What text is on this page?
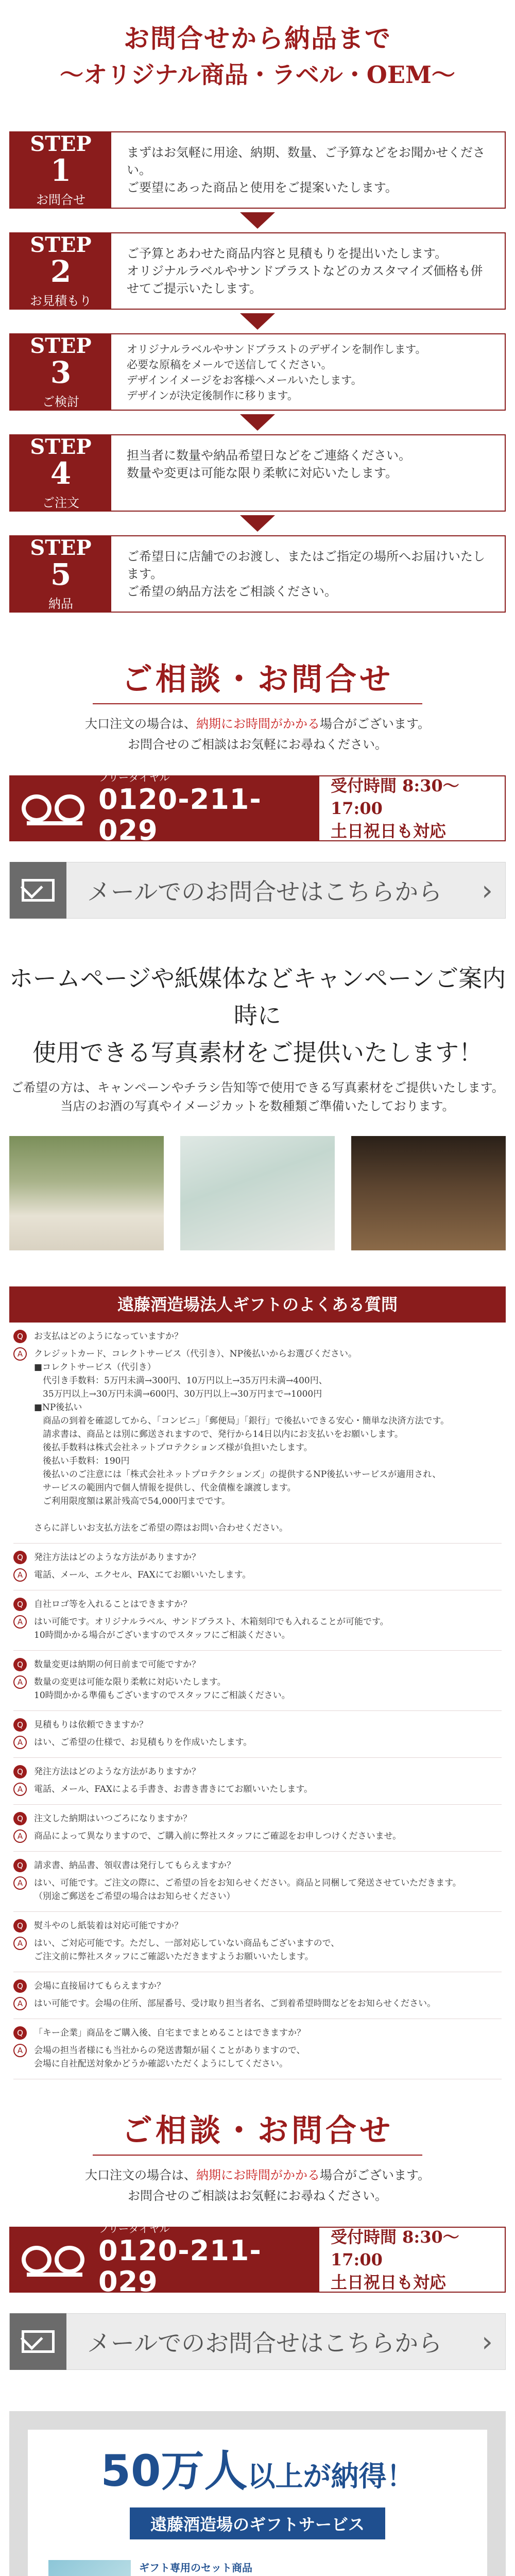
お問合せから納品まで
〜オリジナル商品・ラベル・OEM〜
STEP
1
お問合せ

まずはお気軽に用途、納期、数量、ご予算などをお聞かせください。

ご要望にあった商品と使用をご提案いたします。

STEP
2
お見積もり

ご予算とあわせた商品内容と見積もりを提出いたします。

オリジナルラベルやサンドブラストなどのカスタマイズ価格も併せてご提示いたします。

STEP
3
ご検討

オリジナルラベルやサンドブラストのデザインを制作します。

必要な原稿をメールで送信してください。

デザインイメージをお客様へメールいたします。

デザインが決定後制作に移ります。

STEP
4
ご注文

担当者に数量や納品希望日などをご連絡ください。

数量や変更は可能な限り柔軟に対応いたします。

STEP
5
納品

ご希望日に店舗でのお渡し、またはご指定の場所へお届けいたします。

ご希望の納品方法をご相談ください。

ご相談・お問合せ

大口注文の場合は、納期にお時間がかかる場合がございます。

お問合せのご相談はお気軽にお尋ねください。

フリーダイヤル
0120-211-029
受付時間 8:30〜17:00
土日祝日も対応
メールでのお問合せはこちらから	›
ホームページや紙媒体などキャンペーンご案内時に
使用できる写真素材をご提供いたします！

ご希望の方は、キャンペーンやチラシ告知等で使用できる写真素材をご提供いたします。

当店のお酒の写真やイメージカットを数種類ご準備いたしております。

遠藤酒造場法人ギフトのよくある質問
Q	お支払はどのようになっていますか？
A	クレジットカード、コレクトサービス（代引き）、NP後払いからお選びください。
■コレクトサービス（代引き）
　代引き手数料：5万円未満→300円、10万円以上→35万円未満→400円、
　35万円以上→30万円未満→600円、30万円以上→30万円まで→1000円
■NP後払い
　商品の到着を確認してから、「コンビニ」「郵便局」「銀行」で後払いできる安心・簡単な決済方法です。
　請求書は、商品とは別に郵送されますので、発行から14日以内にお支払いをお願いします。
　後払手数料は株式会社ネットプロテクションズ様が負担いたします。
　後払い手数料：190円
　後払いのご注意には「株式会社ネットプロテクションズ」の提供するNP後払いサービスが適用され、
　サービスの範囲内で個人情報を提供し、代金債権を譲渡します。
　ご利用限度額は累計残高で54,000円までです。
さらに詳しいお支払方法をご希望の際はお問い合わせください。
Q	発注方法はどのような方法がありますか？
A	電話、メール、エクセル、FAXにてお願いいたします。
Q	自社ロゴ等を入れることはできますか？
A	はい可能です。オリジナルラベル、サンドブラスト、木箱刻印でも入れることが可能です。
10時間かかる場合がございますのでスタッフにご相談ください。
Q	数量変更は納期の何日前まで可能ですか？
A	数量の変更は可能な限り柔軟に対応いたします。
10時間かかる準備もございますのでスタッフにご相談ください。
Q	見積もりは依頼できますか？
A	はい、ご希望の仕様で、お見積もりを作成いたします。
Q	発注方法はどのような方法がありますか？
A	電話、メール、FAXによる手書き、お書き書きにてお願いいたします。
Q	注文した納期はいつごろになりますか？
A	商品によって異なりますので、ご購入前に弊社スタッフにご確認をお申しつけくださいませ。
Q	請求書、納品書、領収書は発行してもらえますか？
A	はい、可能です。ご注文の際に、ご希望の旨をお知らせください。商品と同梱して発送させていただきます。
（別途ご郵送をご希望の場合はお知らせください）
Q	熨斗やのし紙装着は対応可能ですか？
A	はい、ご対応可能です。ただし、一部対応していない商品もございますので、
ご注文前に弊社スタッフにご確認いただきますようお願いいたします。
Q	会場に直接届けてもらえますか？
A	はい可能です。会場の住所、部屋番号、受け取り担当者名、ご到着希望時間などをお知らせください。
Q	「キー企業」商品をご購入後、自宅までまとめることはできますか？
A	会場の担当者様にも当社からの発送書類が届くことがありますので、
会場に自社配送対象かどうか確認いただくようにしてください。
ご相談・お問合せ

大口注文の場合は、納期にお時間がかかる場合がございます。

お問合せのご相談はお気軽にお尋ねください。

フリーダイヤル
0120-211-029
受付時間 8:30〜17:00
土日祝日も対応
メールでのお問合せはこちらから	›
50万人以上が納得！
遠藤酒造場のギフトサービス
ギフト専用のセット商品
